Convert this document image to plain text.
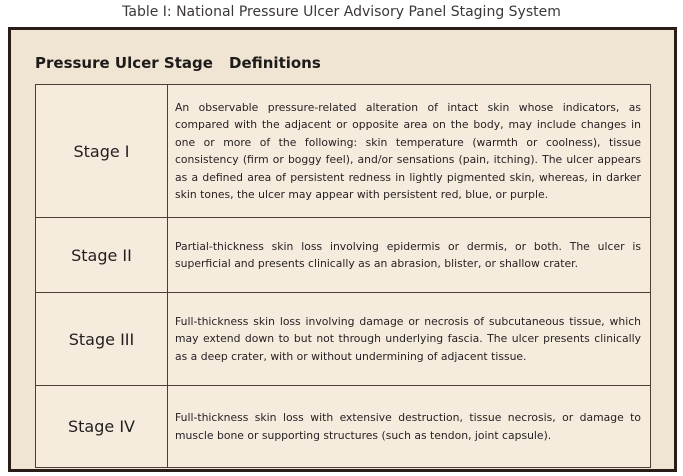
Table I: National Pressure Ulcer Advisory Panel Staging System
Pressure Ulcer Stage Definitions
Stage I
An observable pressure-related alteration of intact skin whose indicators, as compared with the adjacent or opposite area on the body, may include changes in one or more of the following: skin temperature (warmth or coolness), tissue consistency (firm or boggy feel), and/or sensations (pain, itching). The ulcer appears as a defined area of persistent redness in lightly pigmented skin, whereas, in darker skin tones, the ulcer may appear with persistent red, blue, or purple.
Stage II	Partial-thickness skin loss involving epidermis or dermis, or both. The ulcer is superficial and presents clinically as an abrasion, blister, or shallow crater.
Stage III
Full-thickness skin loss involving damage or necrosis of subcutaneous tissue, which may extend down to but not through underlying fascia. The ulcer presents clinically as a deep crater, with or without undermining of adjacent tissue.
Stage IV	Full-thickness skin loss with extensive destruction, tissue necrosis, or damage to muscle bone or supporting structures (such as tendon, joint capsule).
